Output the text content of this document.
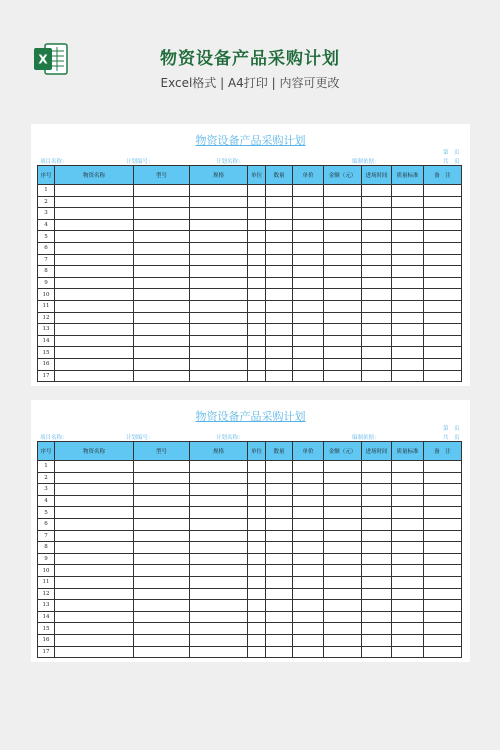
X	物资设备产品采购计划
Excel格式 | A4打印 | 内容可更改
物资设备产品采购计划
第　页
项目名称：	计划编号：	计划名称：	编制依据：	共　页
序号	物资名称	型号	规格	单位	数量	单价	金额（元）	进场时间	质量标准	备　注
1										
2										
3										
4										
5										
6										
7										
8										
9										
10										
11										
12										
13										
14										
15										
16										
17										
物资设备产品采购计划
第　页
项目名称：	计划编号：	计划名称：	编制依据：	共　页
序号	物资名称	型号	规格	单位	数量	单价	金额（元）	进场时间	质量标准	备　注
1										
2										
3										
4										
5										
6										
7										
8										
9										
10										
11										
12										
13										
14										
15										
16										
17										
